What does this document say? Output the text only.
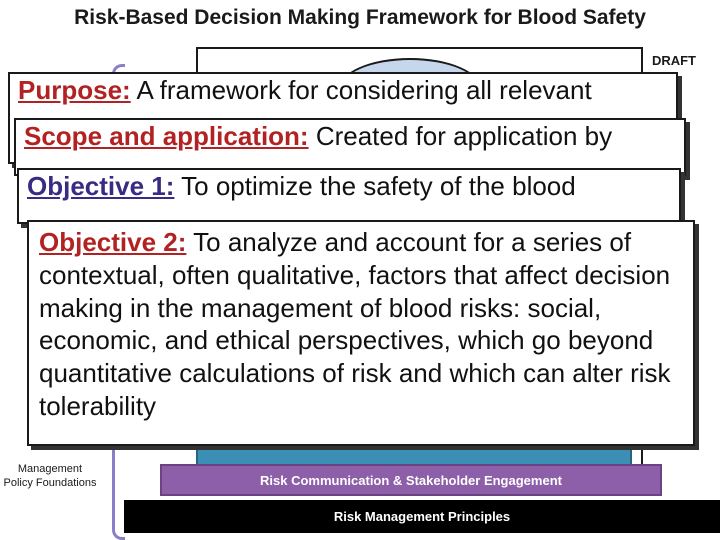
Risk-Based Decision Making Framework for Blood Safety
DRAFT
Purpose: A framework for considering all relevant
Scope and application: Created for application by
Objective 1: To optimize the safety of the blood
Objective 2: To analyze and account for a series of contextual, often qualitative, factors that affect decision making in the management of blood risks: social, economic, and ethical perspectives, which go beyond quantitative calculations of risk and which can alter risk tolerability
Management Policy Foundations	Risk Communication & Stakeholder Engagement
Risk Management Principles
